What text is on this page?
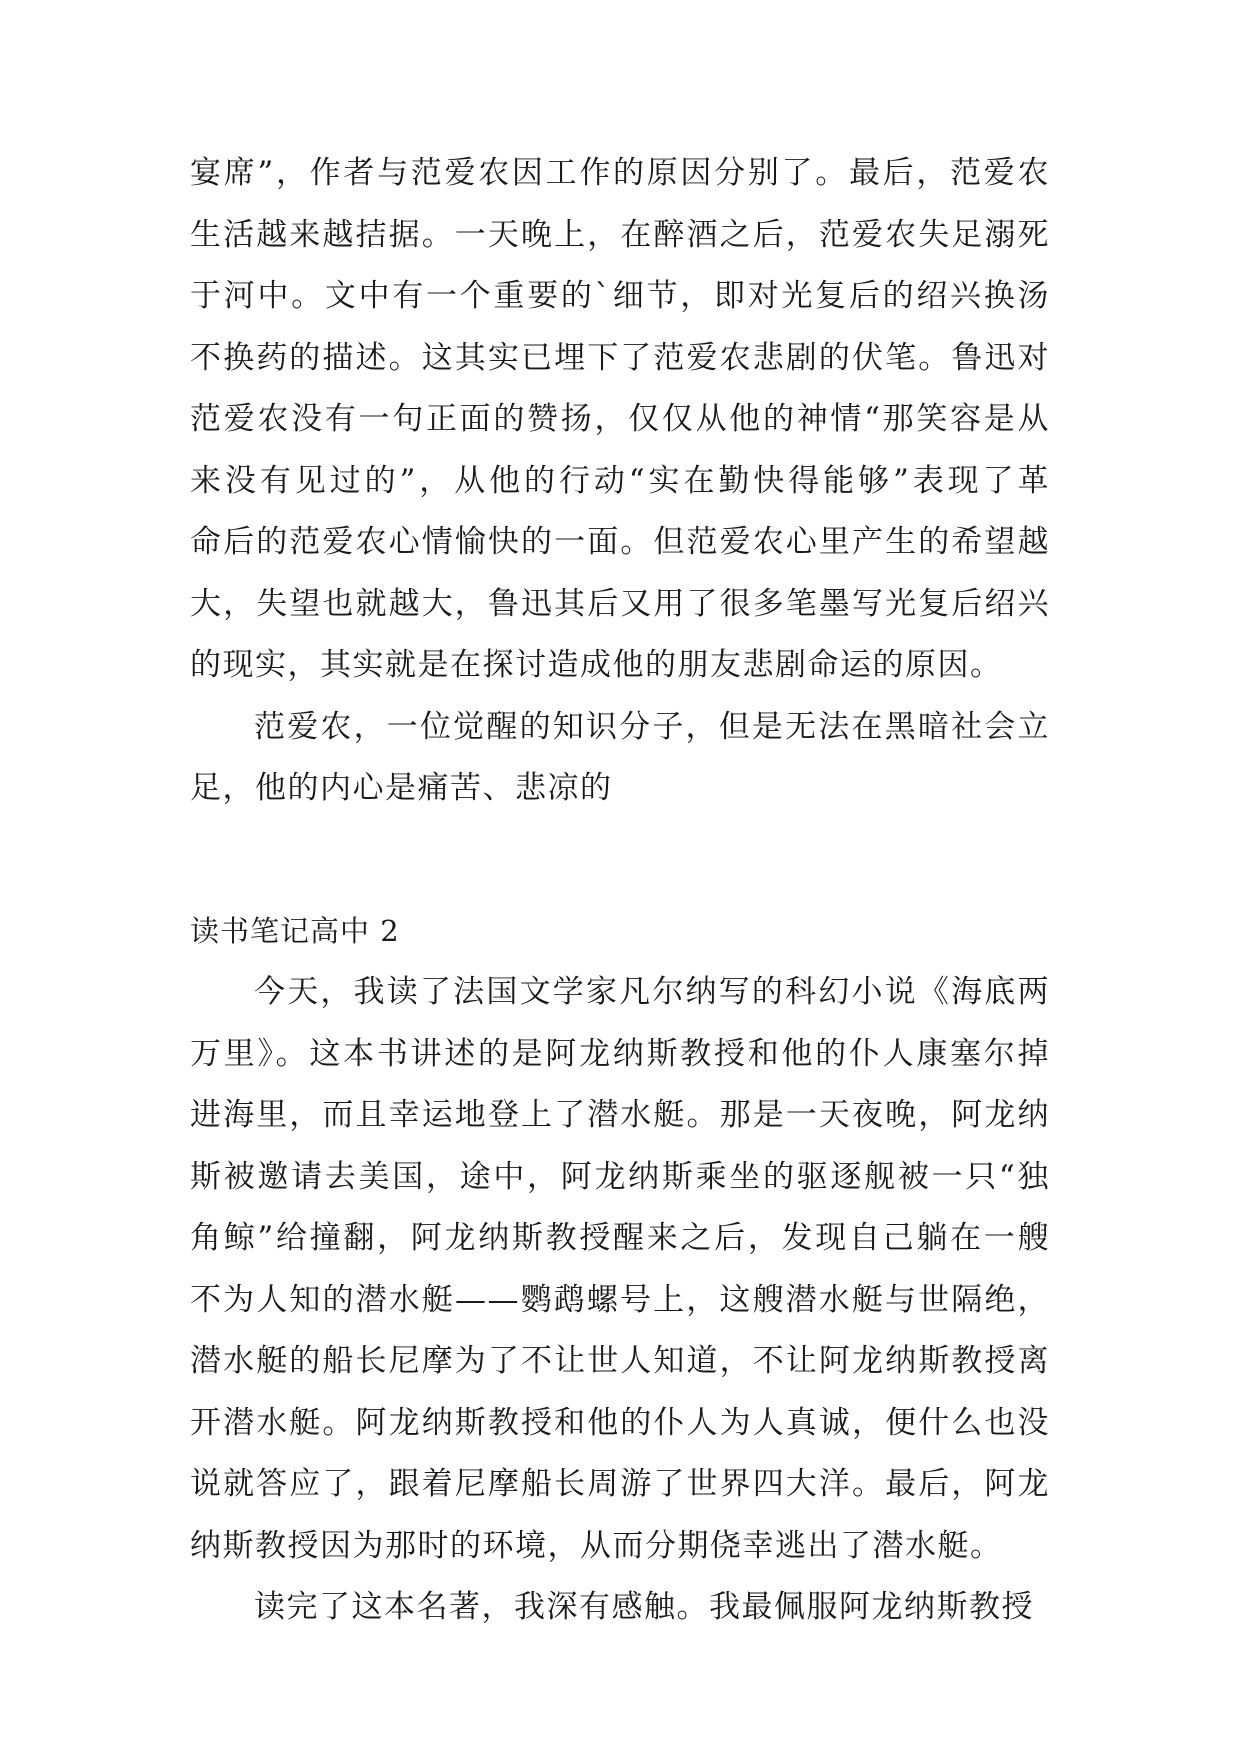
宴席”，作者与范爱农因工作的原因分别了。最后，范爱农
生活越来越拮据。一天晚上，在醉酒之后，范爱农失足溺死
于河中。文中有一个重要的`细节，即对光复后的绍兴换汤
不换药的描述。这其实已埋下了范爱农悲剧的伏笔。鲁迅对
范爱农没有一句正面的赞扬，仅仅从他的神情“那笑容是从
来没有见过的”，从他的行动“实在勤快得能够”表现了革
命后的范爱农心情愉快的一面。但范爱农心里产生的希望越
大，失望也就越大，鲁迅其后又用了很多笔墨写光复后绍兴
的现实，其实就是在探讨造成他的朋友悲剧命运的原因。
范爱农，一位觉醒的知识分子，但是无法在黑暗社会立
足，他的内心是痛苦、悲凉的
读书笔记高中 2
今天，我读了法国文学家凡尔纳写的科幻小说《海底两
万里》。这本书讲述的是阿龙纳斯教授和他的仆人康塞尔掉
进海里，而且幸运地登上了潜水艇。那是一天夜晚，阿龙纳
斯被邀请去美国，途中，阿龙纳斯乘坐的驱逐舰被一只“独
角鲸”给撞翻，阿龙纳斯教授醒来之后，发现自己躺在一艘
不为人知的潜水艇——鹦鹉螺号上，这艘潜水艇与世隔绝，
潜水艇的船长尼摩为了不让世人知道，不让阿龙纳斯教授离
开潜水艇。阿龙纳斯教授和他的仆人为人真诚，便什么也没
说就答应了，跟着尼摩船长周游了世界四大洋。最后，阿龙
纳斯教授因为那时的环境，从而分期侥幸逃出了潜水艇。
读完了这本名著，我深有感触。我最佩服阿龙纳斯教授
